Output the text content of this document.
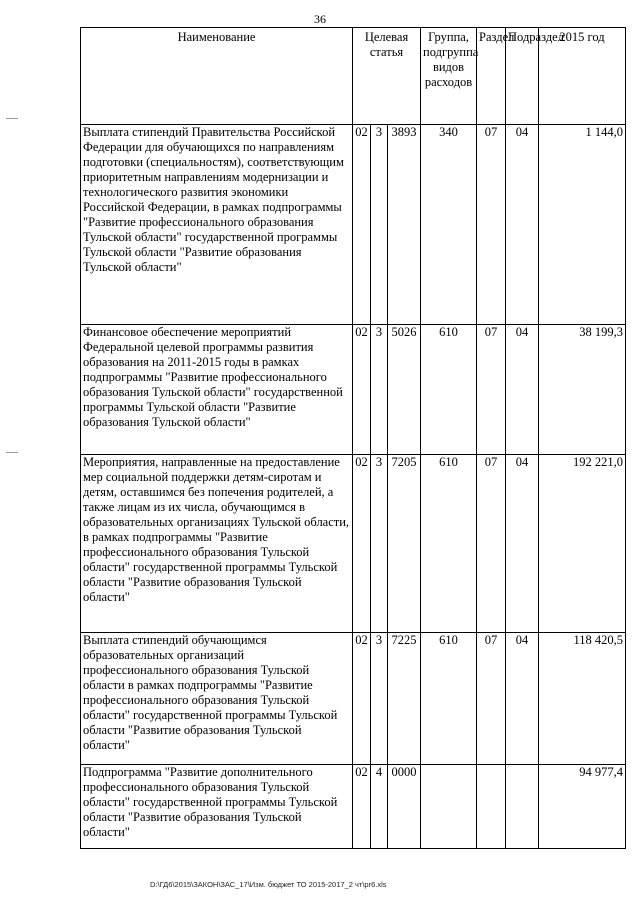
36
Наименование	Целевая статья			Группа, подгруппа видов расходов	Раздел	Подраздел	2015 год
Выплата стипендий Правительства Российской Федерации для обучающихся по направлениям подготовки (специальностям), соответствующим приоритетным направлениям модернизации и технологического развития экономики Российской Федерации, в рамках подпрограммы "Развитие профессионального образования Тульской области" государственной программы Тульской области "Развитие образования Тульской области"	02	3	3893	340	07	04	1 144,0
Финансовое обеспечение мероприятий Федеральной целевой программы развития образования на 2011-2015 годы в рамках подпрограммы "Развитие профессионального образования Тульской области" государственной программы Тульской области "Развитие образования Тульской области"	02	3	5026	610	07	04	38 199,3
Мероприятия, направленные на предоставление мер социальной поддержки детям-сиротам и детям, оставшимся без попечения родителей, а также лицам из их числа, обучающимся в образовательных организациях Тульской области, в рамках подпрограммы "Развитие профессионального образования Тульской области" государственной программы Тульской области "Развитие образования Тульской области"	02	3	7205	610	07	04	192 221,0
Выплата стипендий обучающимся образовательных организаций профессионального образования Тульской области в рамках подпрограммы "Развитие профессионального образования Тульской области" государственной программы Тульской области "Развитие образования Тульской области"	02	3	7225	610	07	04	118 420,5
Подпрограмма "Развитие дополнительного профессионального образования Тульской области" государственной программы Тульской области "Развитие образования Тульской области"	02	4	0000				94 977,4
D:\ГД6\2015\ЗАКОН\ЗАС_17\Изм. бюджет ТО 2015-2017_2 чт\pr6.xls
